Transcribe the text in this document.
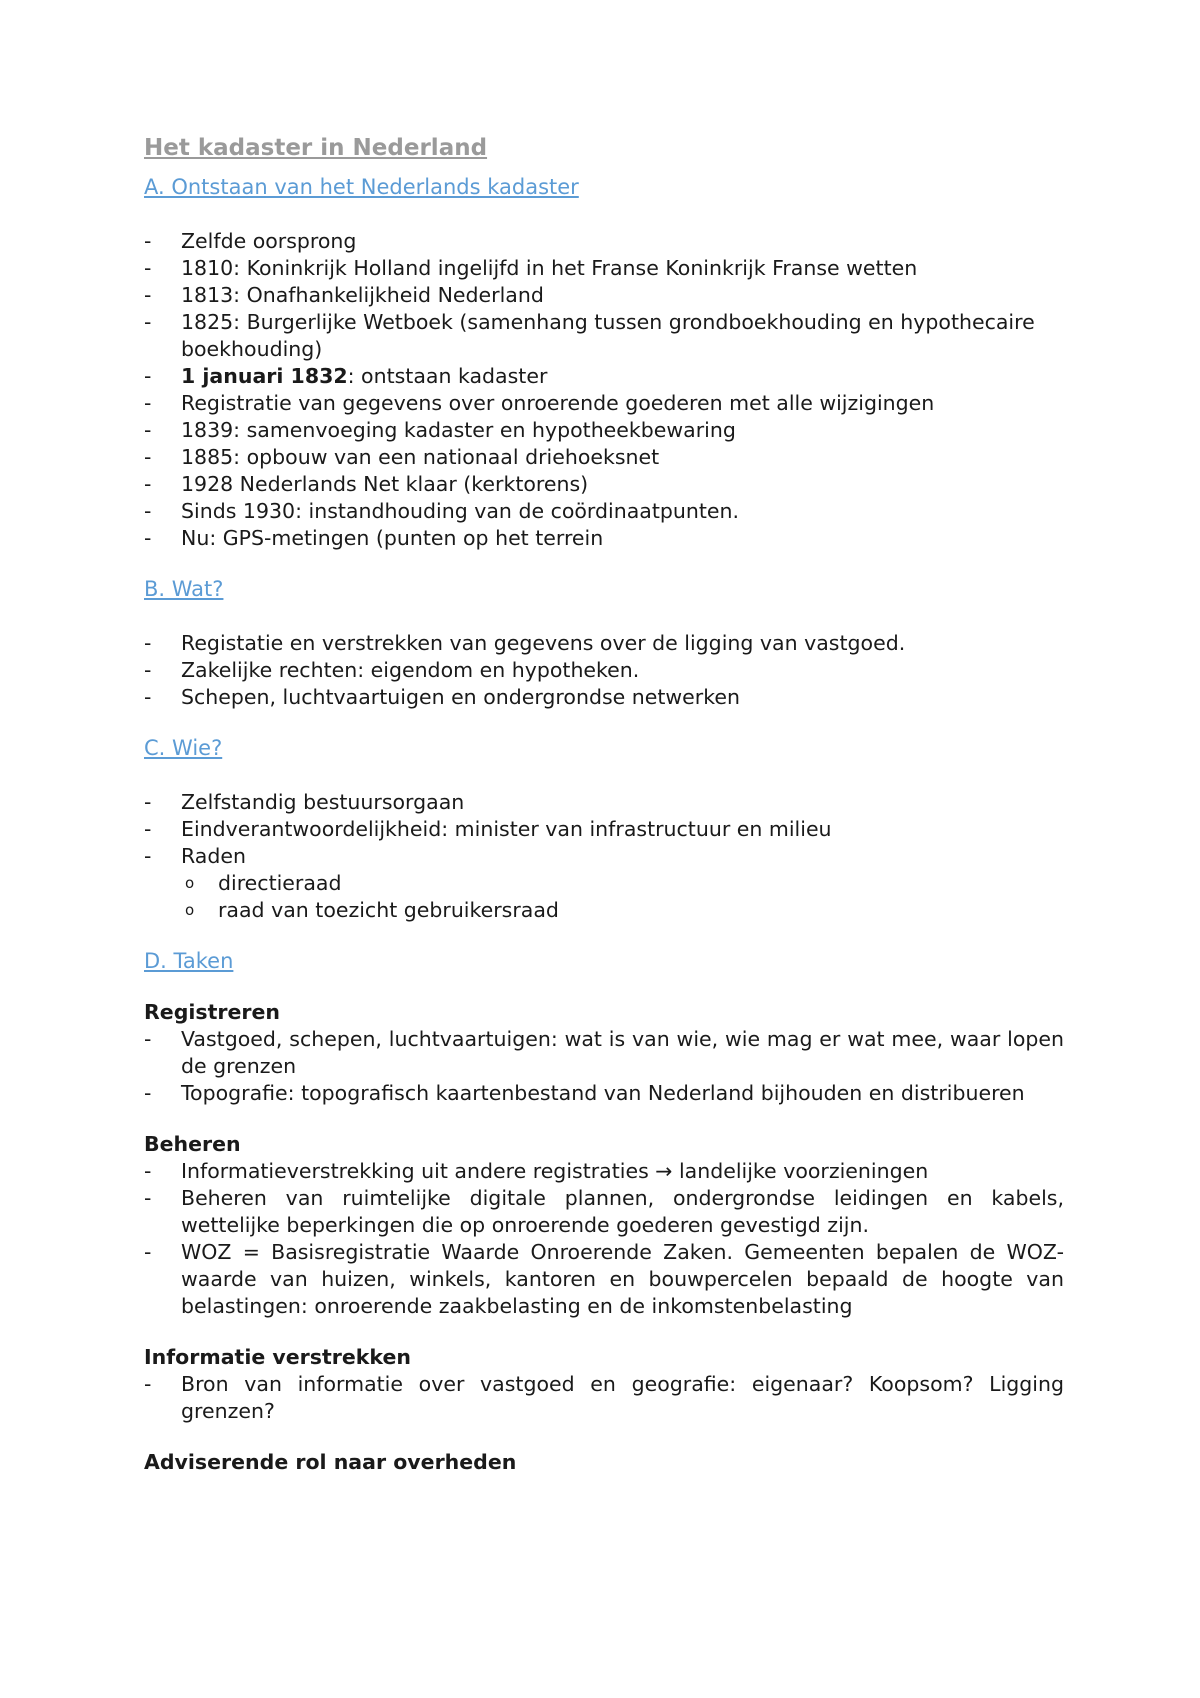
Het kadaster in Nederland

A. Ontstaan van het Nederlands kadaster

- Zelfde oorsprong
- 1810: Koninkrijk Holland ingelijfd in het Franse Koninkrijk Franse wetten
- 1813: Onafhankelijkheid Nederland
- 1825: Burgerlijke Wetboek (samenhang tussen grondboekhouding en hypothecaire boekhouding)
- 1 januari 1832: ontstaan kadaster
- Registratie van gegevens over onroerende goederen met alle wijzigingen
- 1839: samenvoeging kadaster en hypotheekbewaring
- 1885: opbouw van een nationaal driehoeksnet
- 1928 Nederlands Net klaar (kerktorens)
- Sinds 1930: instandhouding van de coördinaatpunten.
- Nu: GPS-metingen (punten op het terrein

B. Wat?

- Registatie en verstrekken van gegevens over de ligging van vastgoed.
- Zakelijke rechten: eigendom en hypotheken.
- Schepen, luchtvaartuigen en ondergrondse netwerken

C. Wie?

- Zelfstandig bestuursorgaan
- Eindverantwoordelijkheid: minister van infrastructuur en milieu
- Raden
o directieraad
o raad van toezicht gebruikersraad

D. Taken

Registreren

- Vastgoed, schepen, luchtvaartuigen: wat is van wie, wie mag er wat mee, waar lopen de grenzen
- Topografie: topografisch kaartenbestand van Nederland bijhouden en distribueren

Beheren

- Informatieverstrekking uit andere registraties → landelijke voorzieningen
- Beheren van ruimtelijke digitale plannen, ondergrondse leidingen en kabels, wettelijke beperkingen die op onroerende goederen gevestigd zijn.
- WOZ = Basisregistratie Waarde Onroerende Zaken. Gemeenten bepalen de WOZ-waarde van huizen, winkels, kantoren en bouwpercelen bepaald de hoogte van belastingen: onroerende zaakbelasting en de inkomstenbelasting

Informatie verstrekken

- Bron van informatie over vastgoed en geografie: eigenaar? Koopsom? Ligging grenzen?

Adviserende rol naar overheden
